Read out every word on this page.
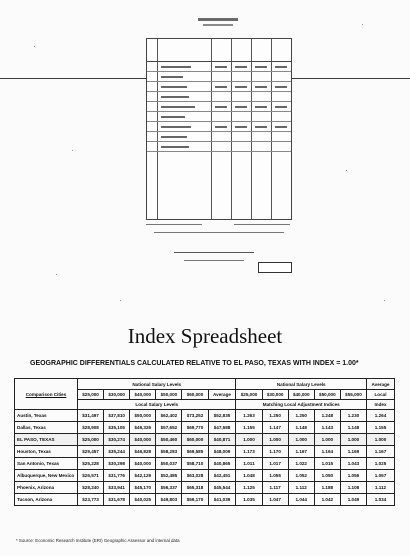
Index Spreadsheet
GEOGRAPHIC DIFFERENTIALS CALCULATED RELATIVE TO EL PASO, TEXAS WITH INDEX = 1.00*
Comparison Cities	National Salary Levels						National Salary Levels					Average
	$25,000	$30,000	$40,000	$50,000	$60,000	Average	$25,000	$30,000	$40,000	$50,000	$55,000	Local
	Local Salary Levels						Matching Local Adjustment Indices					Index
Austin, Texas	$31,497	$37,810	$50,000	$62,402	$73,252	$52,835	1.263	1.250	1.250	1.248	1.230	1.264
Dallas, Texas	$28,908	$35,105	$46,326	$57,652	$69,770	$47,588	1.155	1.147	1.148	1.143	1.148	1.155
EL PASO, TEXAS	$25,000	$30,274	$40,000	$50,460	$60,000	$40,871	1.000	1.000	1.000	1.000	1.000	1.000
Houston, Texas	$29,457	$35,244	$46,828	$58,283	$69,585	$48,009	1.173	1.170	1.167	1.164	1.169	1.167
San Antonio, Texas	$25,228	$30,298	$40,000	$50,037	$58,710	$40,865	1.011	1.017	1.022	1.015	1.043	1.025
Albuquerque, New Mexico	$26,571	$31,776	$42,129	$52,485	$63,028	$42,451	1.048	1.055	1.052	1.050	1.056	1.057
Phoenix, Arizona	$28,240	$33,941	$45,170	$56,337	$65,318	$45,544	1.125	1.117	1.112	1.188	1.108	1.112
Tucson, Arizona	$23,773	$31,678	$40,025	$49,803	$59,170	$41,039	1.035	1.047	1.044	1.042	1.049	1.034
* Source: Economic Research Institute (ERI) Geographic Assessor and internal data
